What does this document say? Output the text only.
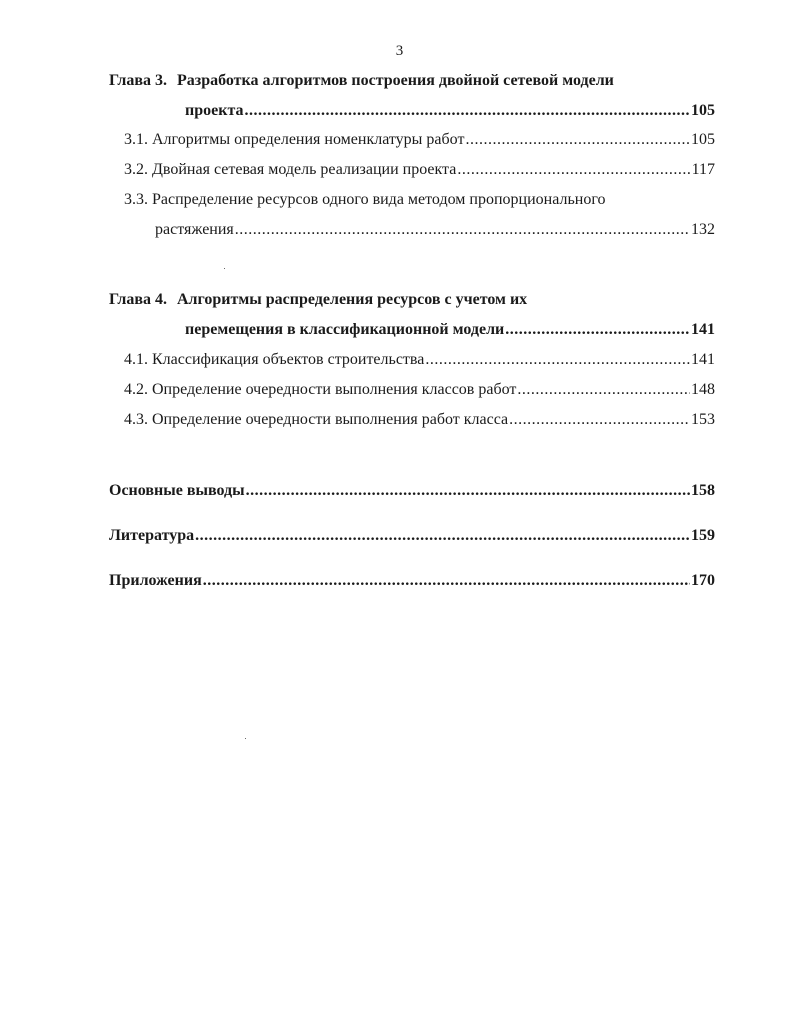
3
Глава 3. Разработка алгоритмов построения двойной сетевой модели
проекта .....	105
3.1. Алгоритмы определения номенклатуры работ .....	105
3.2. Двойная сетевая модель реализации проекта .....	117
3.3. Распределение ресурсов одного вида методом пропорционального
растяжения .....	132
Глава 4. Алгоритмы распределения ресурсов с учетом их
перемещения в классификационной модели .....	141
4.1. Классификация объектов строительства .....	141
4.2. Определение очередности выполнения классов работ .....	148
4.3. Определение очередности выполнения работ класса .....	153
Основные выводы .....	158
Литература .....	159
Приложения .....	170
